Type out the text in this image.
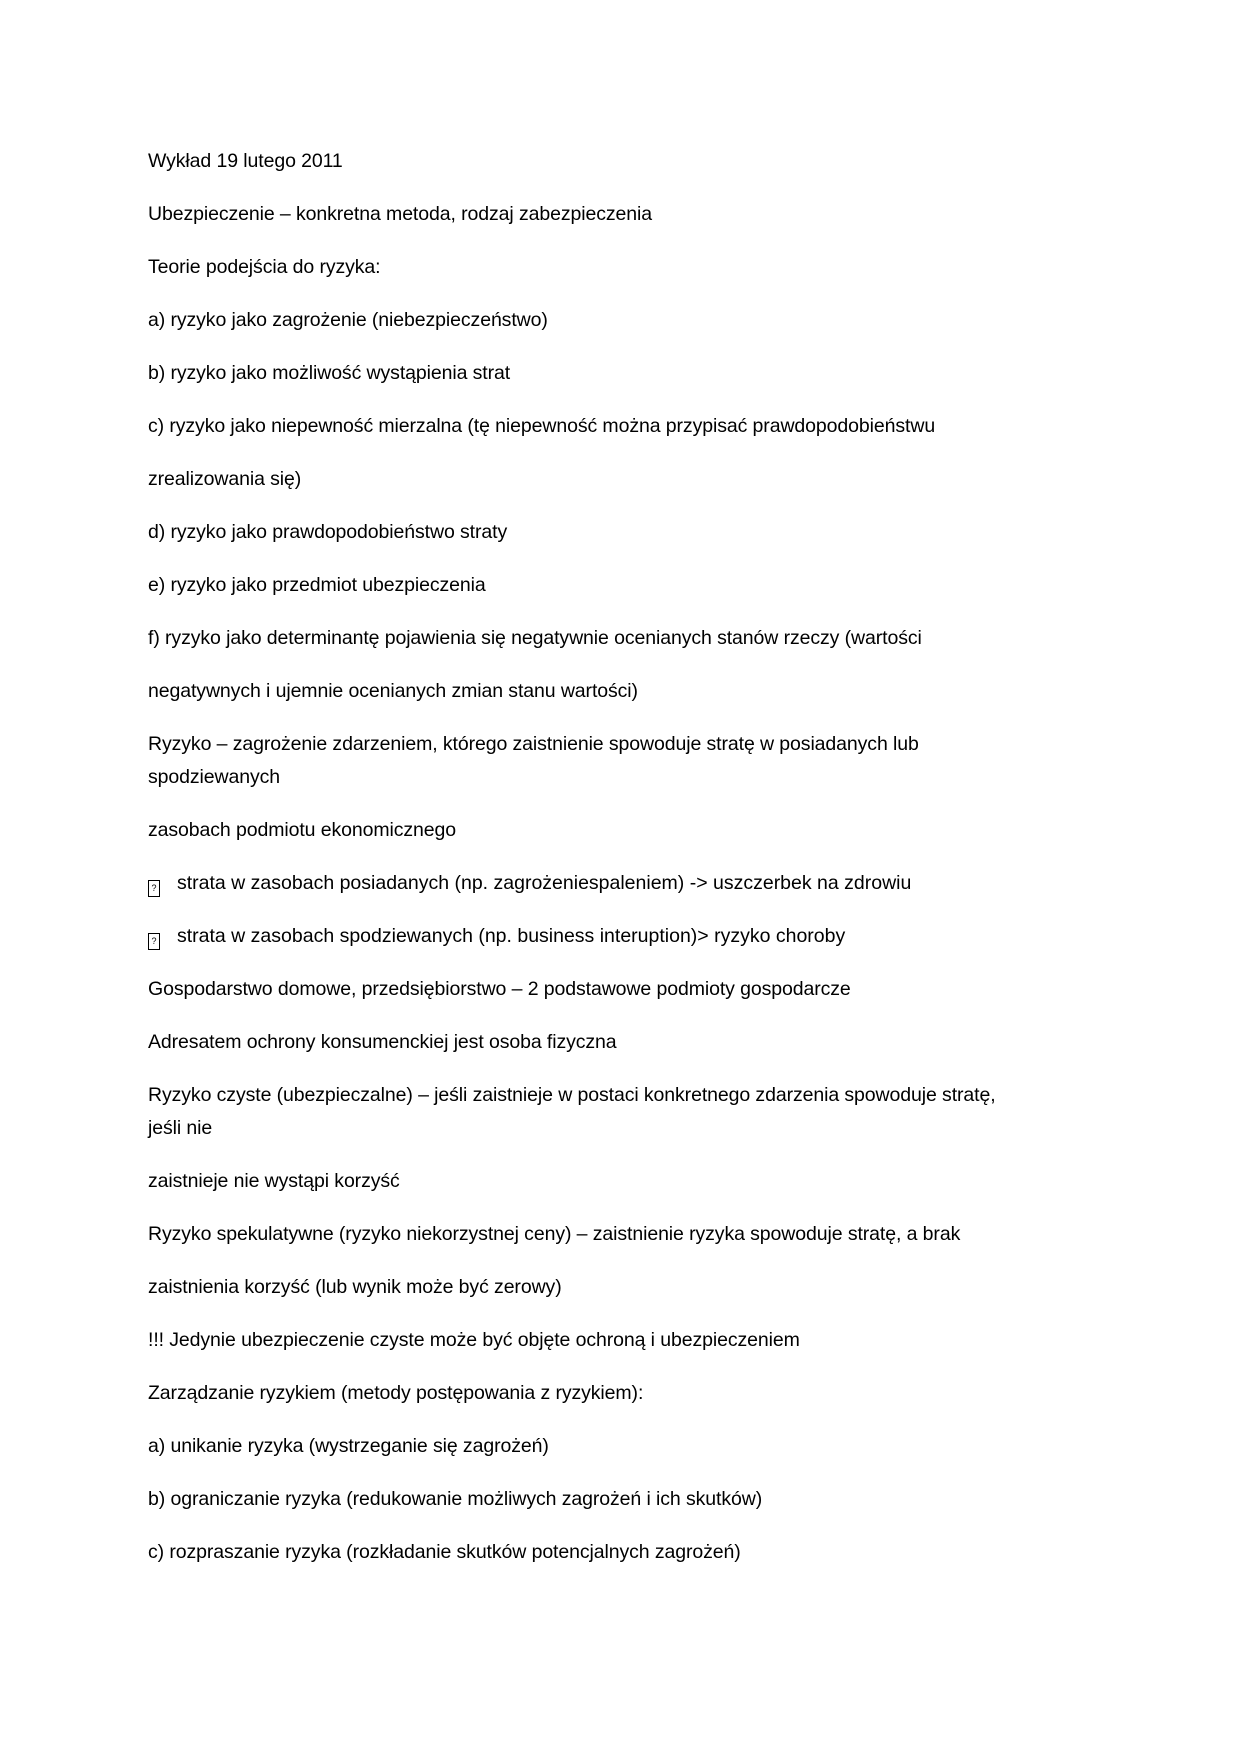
Wykład 19 lutego 2011
Ubezpieczenie – konkretna metoda, rodzaj zabezpieczenia
Teorie podejścia do ryzyka:
a) ryzyko jako zagrożenie (niebezpieczeństwo)
b) ryzyko jako możliwość wystąpienia strat
c) ryzyko jako niepewność mierzalna (tę niepewność można przypisać prawdopodobieństwu
zrealizowania się)
d) ryzyko jako prawdopodobieństwo straty
e) ryzyko jako przedmiot ubezpieczenia
f) ryzyko jako determinantę pojawienia się negatywnie ocenianych stanów rzeczy (wartości
negatywnych i ujemnie ocenianych zmian stanu wartości)
Ryzyko – zagrożenie zdarzeniem, którego zaistnienie spowoduje stratę w posiadanych lub
spodziewanych
zasobach podmiotu ekonomicznego
? strata w zasobach posiadanych (np. zagrożeniespaleniem) -> uszczerbek na zdrowiu
? strata w zasobach spodziewanych (np. business interuption)> ryzyko choroby
Gospodarstwo domowe, przedsiębiorstwo – 2 podstawowe podmioty gospodarcze
Adresatem ochrony konsumenckiej jest osoba fizyczna
Ryzyko czyste (ubezpieczalne) – jeśli zaistnieje w postaci konkretnego zdarzenia spowoduje stratę,
jeśli nie
zaistnieje nie wystąpi korzyść
Ryzyko spekulatywne (ryzyko niekorzystnej ceny) – zaistnienie ryzyka spowoduje stratę, a brak
zaistnienia korzyść (lub wynik może być zerowy)
!!! Jedynie ubezpieczenie czyste może być objęte ochroną i ubezpieczeniem
Zarządzanie ryzykiem (metody postępowania z ryzykiem):
a) unikanie ryzyka (wystrzeganie się zagrożeń)
b) ograniczanie ryzyka (redukowanie możliwych zagrożeń i ich skutków)
c) rozpraszanie ryzyka (rozkładanie skutków potencjalnych zagrożeń)
